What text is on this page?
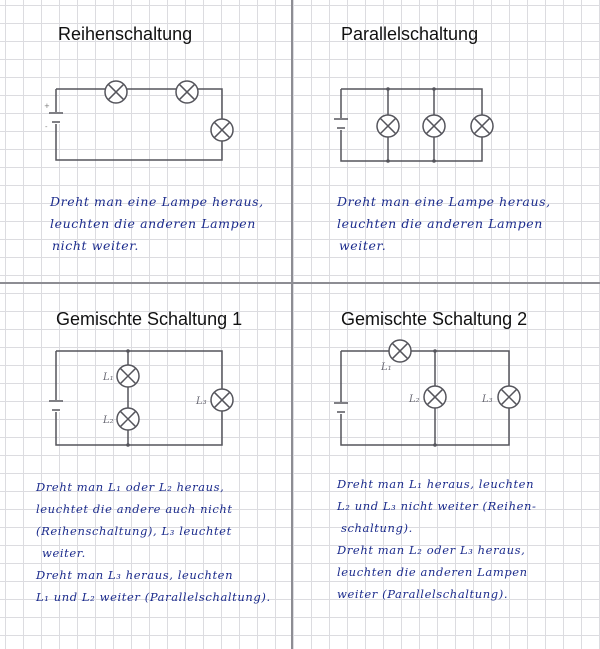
Reihenschaltung
+
-

Dreht man eine Lampe heraus,

leuchten die anderen Lampen

nicht weiter.

Parallelschaltung

Dreht man eine Lampe heraus,

leuchten die anderen Lampen

weiter.

Gemischte Schaltung 1
L₁
L₂
L₃

Dreht man L₁ oder L₂ heraus,

leuchtet die andere auch nicht

(Reihenschaltung), L₃ leuchtet

weiter.

Dreht man L₃ heraus, leuchten

L₁ und L₂ weiter (Parallelschaltung).

Gemischte Schaltung 2
L₁
L₂	L₃

Dreht man L₁ heraus, leuchten

L₂ und L₃ nicht weiter (Reihen-

schaltung).

Dreht man L₂ oder L₃ heraus,

leuchten die anderen Lampen

weiter (Parallelschaltung).
